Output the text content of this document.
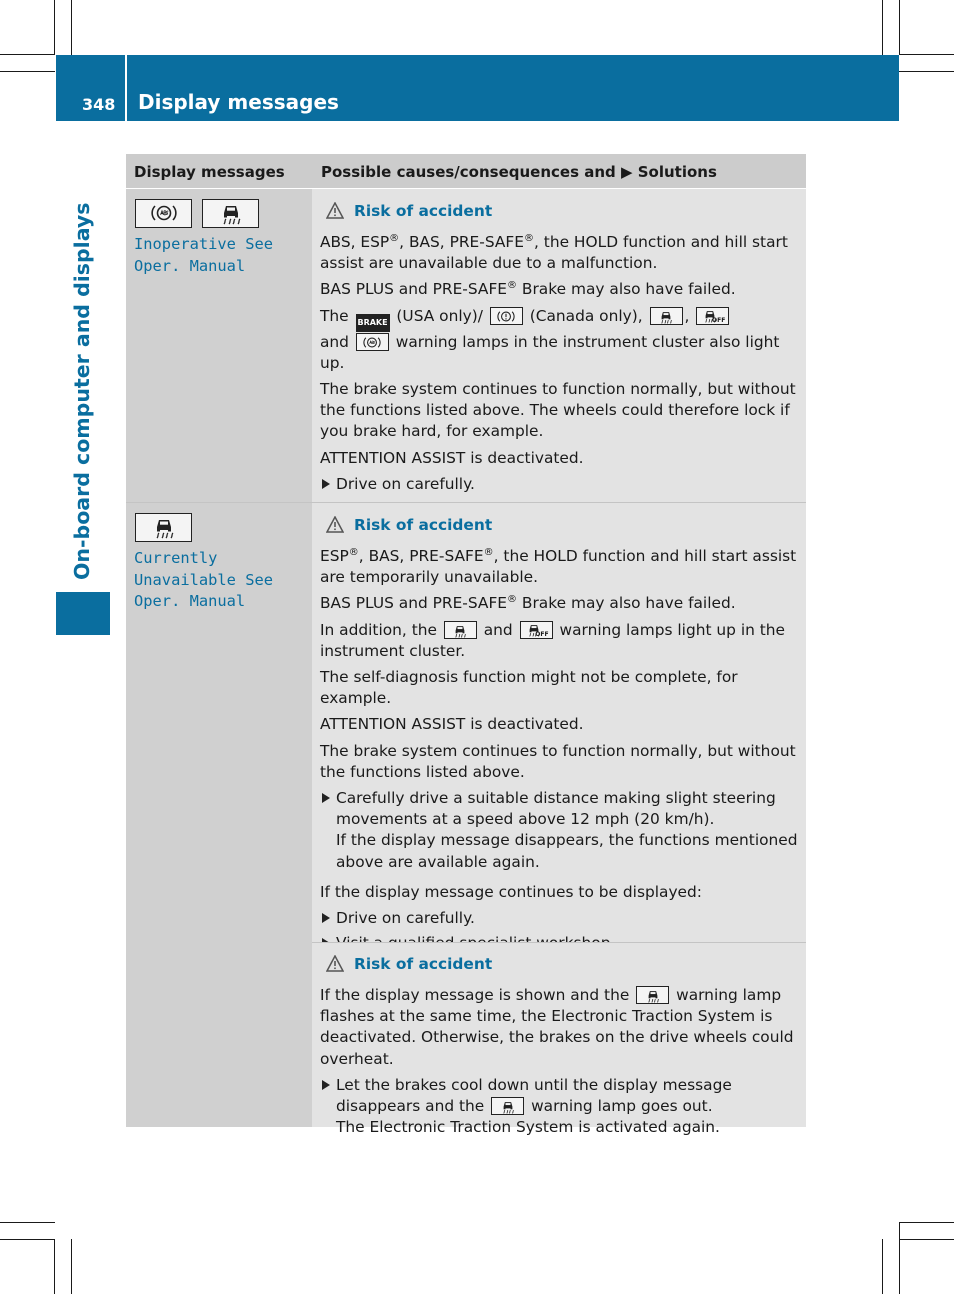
348 Display messages
On-board computer and displays
Display messages	Possible causes/consequences and ▶ Solutions
Inoperative See
Oper. Manual
Risk of accident

ABS, ESP®, BAS, PRE-SAFE®, the HOLD function and hill start assist are unavailable due to a malfunction.

BAS PLUS and PRE-SAFE® Brake may also have failed.

The BRAKE (USA only)/
(Canada only),
,	OFF

and
warning lamps in the instrument cluster also light up.

The brake system continues to function normally, but without the functions listed above. The wheels could therefore lock if you brake hard, for example.

ATTENTION ASSIST is deactivated.

Drive on carefully.
Currently
Unavailable See
Oper. Manual
Risk of accident

ESP®, BAS, PRE-SAFE®, the HOLD function and hill start assist are temporarily unavailable.

BAS PLUS and PRE-SAFE® Brake may also have failed.

In addition, the
and	OFF warning lamps light up in the instrument cluster.

The self-diagnosis function might not be complete, for example.

ATTENTION ASSIST is deactivated.

The brake system continues to function normally, but without the functions listed above.

Carefully drive a suitable distance making slight steering movements at a speed above 12 mph (20 km/h).
If the display message disappears, the functions mentioned above are available again.

If the display message continues to be displayed:

Drive on carefully.
Risk of accident

If the display message is shown and the
warning lamp flashes at the same time, the Electronic Traction System is deactivated. Otherwise, the brakes on the drive wheels could overheat.

Let the brakes cool down until the display message disappears and the
warning lamp goes out.
The Electronic Traction System is activated again.
